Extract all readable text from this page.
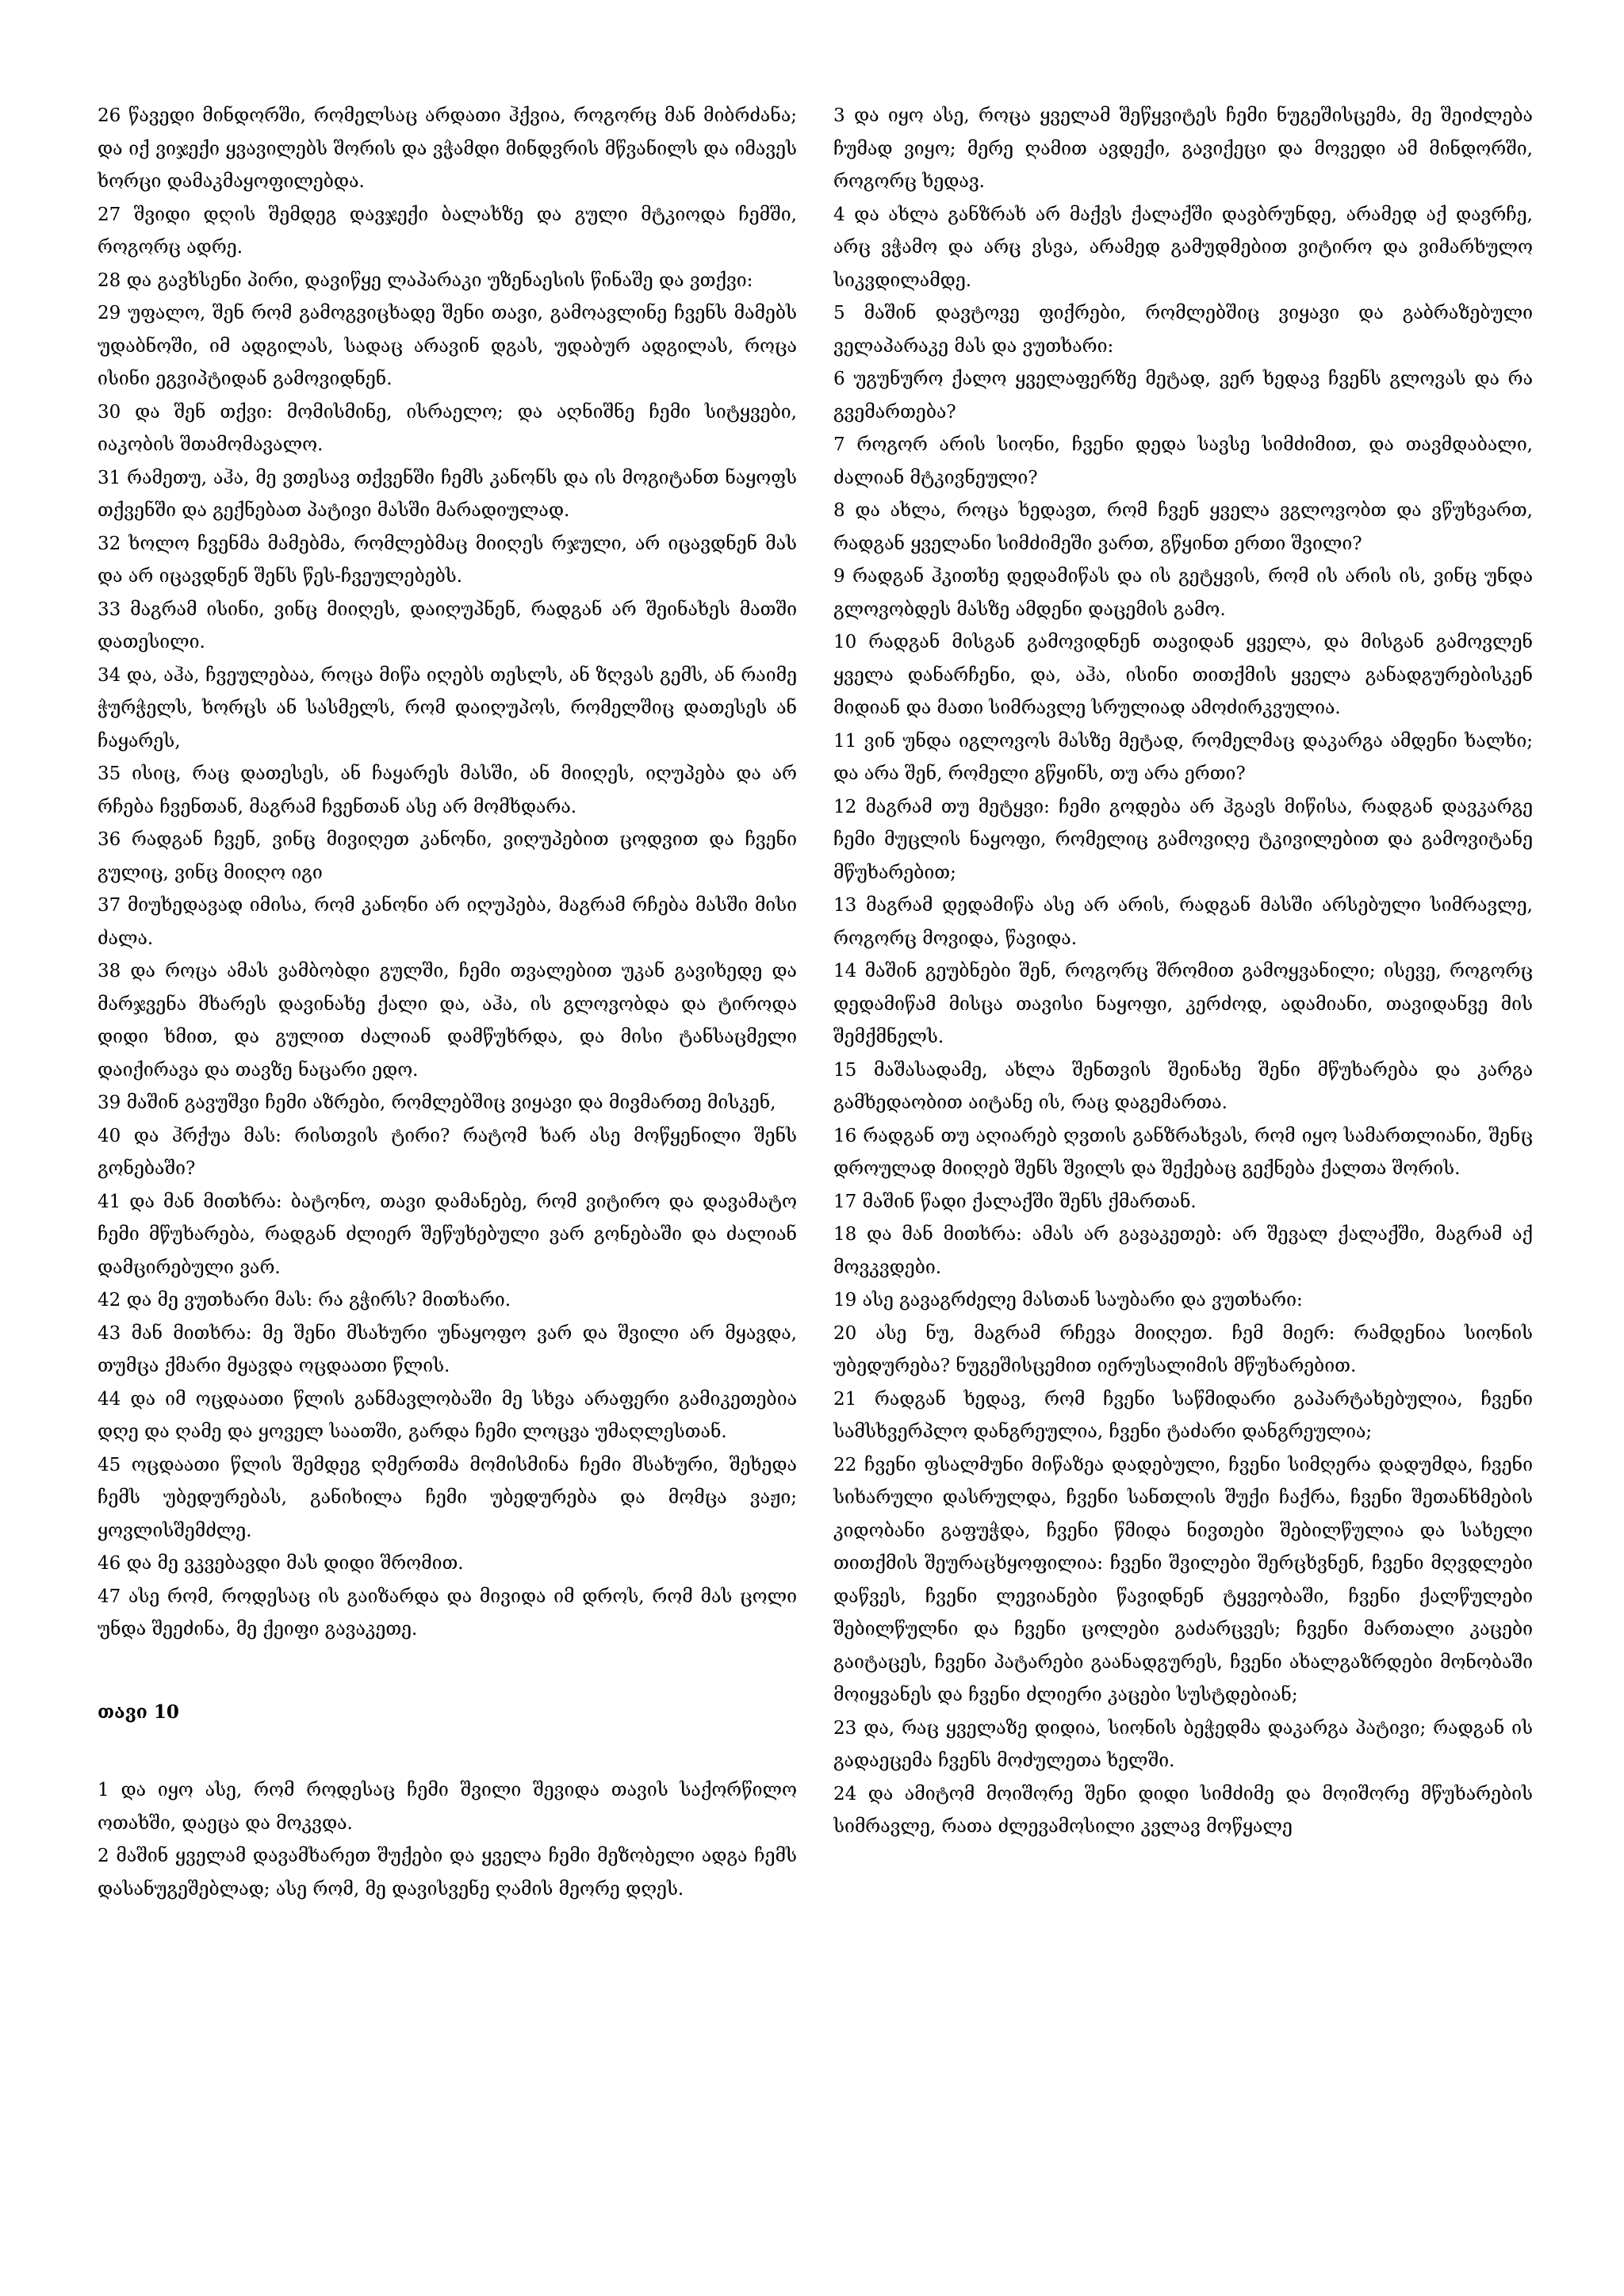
26 წავედი მინდორში, რომელსაც არდათი ჰქვია, როგორც მან მიბრძანა; და იქ ვიჯექი ყვავილებს შორის და ვჭამდი მინდვრის მწვანილს და იმავეს ხორცი დამაკმაყოფილებდა.

27 შვიდი დღის შემდეგ დავჯექი ბალახზე და გული მტკიოდა ჩემში, როგორც ადრე.

28 და გავხსენი პირი, დავიწყე ლაპარაკი უზენაესის წინაშე და ვთქვი:

29 უფალო, შენ რომ გამოგვიცხადე შენი თავი, გამოავლინე ჩვენს მამებს უდაბნოში, იმ ადგილას, სადაც არავინ დგას, უდაბურ ადგილას, როცა ისინი ეგვიპტიდან გამოვიდნენ.

30 და შენ თქვი: მომისმინე, ისრაელო; და აღნიშნე ჩემი სიტყვები, იაკობის შთამომავალო.

31 რამეთუ, აჰა, მე ვთესავ თქვენში ჩემს კანონს და ის მოგიტანთ ნაყოფს თქვენში და გექნებათ პატივი მასში მარადიულად.

32 ხოლო ჩვენმა მამებმა, რომლებმაც მიიღეს რჯული, არ იცავდნენ მას და არ იცავდნენ შენს წეს-ჩვეულებებს.

33 მაგრამ ისინი, ვინც მიიღეს, დაიღუპნენ, რადგან არ შეინახეს მათში დათესილი.

34 და, აჰა, ჩვეულებაა, როცა მიწა იღებს თესლს, ან ზღვას გემს, ან რაიმე ჭურჭელს, ხორცს ან სასმელს, რომ დაიღუპოს, რომელშიც დათესეს ან ჩაყარეს,

35 ისიც, რაც დათესეს, ან ჩაყარეს მასში, ან მიიღეს, იღუპება და არ რჩება ჩვენთან, მაგრამ ჩვენთან ასე არ მომხდარა.

36 რადგან ჩვენ, ვინც მივიღეთ კანონი, ვიღუპებით ცოდვით და ჩვენი გულიც, ვინც მიიღო იგი

37 მიუხედავად იმისა, რომ კანონი არ იღუპება, მაგრამ რჩება მასში მისი ძალა.

38 და როცა ამას ვამბობდი გულში, ჩემი თვალებით უკან გავიხედე და მარჯვენა მხარეს დავინახე ქალი და, აჰა, ის გლოვობდა და ტიროდა დიდი ხმით, და გულით ძალიან დამწუხრდა, და მისი ტანსაცმელი დაიქირავა და თავზე ნაცარი ედო.

39 მაშინ გავუშვი ჩემი აზრები, რომლებშიც ვიყავი და მივმართე მისკენ,

40 და ჰრქუა მას: რისთვის ტირი? რატომ ხარ ასე მოწყენილი შენს გონებაში?

41 და მან მითხრა: ბატონო, თავი დამანებე, რომ ვიტირო და დავამატო ჩემი მწუხარება, რადგან ძლიერ შეწუხებული ვარ გონებაში და ძალიან დამცირებული ვარ.

42 და მე ვუთხარი მას: რა გჭირს? მითხარი.

43 მან მითხრა: მე შენი მსახური უნაყოფო ვარ და შვილი არ მყავდა, თუმცა ქმარი მყავდა ოცდაათი წლის.

44 და იმ ოცდაათი წლის განმავლობაში მე სხვა არაფერი გამიკეთებია დღე და ღამე და ყოველ საათში, გარდა ჩემი ლოცვა უმაღლესთან.

45 ოცდაათი წლის შემდეგ ღმერთმა მომისმინა ჩემი მსახური, შეხედა ჩემს უბედურებას, განიხილა ჩემი უბედურება და მომცა ვაჟი; ყოვლისშემძლე.

46 და მე ვკვებავდი მას დიდი შრომით.

47 ასე რომ, როდესაც ის გაიზარდა და მივიდა იმ დროს, რომ მას ცოლი უნდა შეეძინა, მე ქეიფი გავაკეთე.

თავი 10

1 და იყო ასე, რომ როდესაც ჩემი შვილი შევიდა თავის საქორწილო ოთახში, დაეცა და მოკვდა.

2 მაშინ ყველამ დავამხარეთ შუქები და ყველა ჩემი მეზობელი ადგა ჩემს დასანუგეშებლად; ასე რომ, მე დავისვენე ღამის მეორე დღეს.

3 და იყო ასე, როცა ყველამ შეწყვიტეს ჩემი ნუგეშისცემა, მე შეიძლება ჩუმად ვიყო; მერე ღამით ავდექი, გავიქეცი და მოვედი ამ მინდორში, როგორც ხედავ.

4 და ახლა განზრახ არ მაქვს ქალაქში დავბრუნდე, არამედ აქ დავრჩე, არც ვჭამო და არც ვსვა, არამედ გამუდმებით ვიტირო და ვიმარხულო სიკვდილამდე.

5 მაშინ დავტოვე ფიქრები, რომლებშიც ვიყავი და გაბრაზებული ველაპარაკე მას და ვუთხარი:

6 უგუნურო ქალო ყველაფერზე მეტად, ვერ ხედავ ჩვენს გლოვას და რა გვემართება?

7 როგორ არის სიონი, ჩვენი დედა სავსე სიმძიმით, და თავმდაბალი, ძალიან მტკივნეული?

8 და ახლა, როცა ხედავთ, რომ ჩვენ ყველა ვგლოვობთ და ვწუხვართ, რადგან ყველანი სიმძიმეში ვართ, გწყინთ ერთი შვილი?

9 რადგან ჰკითხე დედამიწას და ის გეტყვის, რომ ის არის ის, ვინც უნდა გლოვობდეს მასზე ამდენი დაცემის გამო.

10 რადგან მისგან გამოვიდნენ თავიდან ყველა, და მისგან გამოვლენ ყველა დანარჩენი, და, აჰა, ისინი თითქმის ყველა განადგურებისკენ მიდიან და მათი სიმრავლე სრულიად ამოძირკვულია.

11 ვინ უნდა იგლოვოს მასზე მეტად, რომელმაც დაკარგა ამდენი ხალხი; და არა შენ, რომელი გწყინს, თუ არა ერთი?

12 მაგრამ თუ მეტყვი: ჩემი გოდება არ ჰგავს მიწისა, რადგან დავკარგე ჩემი მუცლის ნაყოფი, რომელიც გამოვიღე ტკივილებით და გამოვიტანე მწუხარებით;

13 მაგრამ დედამიწა ასე არ არის, რადგან მასში არსებული სიმრავლე, როგორც მოვიდა, წავიდა.

14 მაშინ გეუბნები შენ, როგორც შრომით გამოყვანილი; ისევე, როგორც დედამიწამ მისცა თავისი ნაყოფი, კერძოდ, ადამიანი, თავიდანვე მის შემქმნელს.

15 მაშასადამე, ახლა შენთვის შეინახე შენი მწუხარება და კარგა გამხედაობით აიტანე ის, რაც დაგემართა.

16 რადგან თუ აღიარებ ღვთის განზრახვას, რომ იყო სამართლიანი, შენც დროულად მიიღებ შენს შვილს და შექებაც გექნება ქალთა შორის.

17 მაშინ წადი ქალაქში შენს ქმართან.

18 და მან მითხრა: ამას არ გავაკეთებ: არ შევალ ქალაქში, მაგრამ აქ მოვკვდები.

19 ასე გავაგრძელე მასთან საუბარი და ვუთხარი:

20 ასე ნუ, მაგრამ რჩევა მიიღეთ. ჩემ მიერ: რამდენია სიონის უბედურება? ნუგეშისცემით იერუსალიმის მწუხარებით.

21 რადგან ხედავ, რომ ჩვენი საწმიდარი გაპარტახებულია, ჩვენი სამსხვერპლო დანგრეულია, ჩვენი ტაძარი დანგრეულია;

22 ჩვენი ფსალმუნი მიწაზეა დადებული, ჩვენი სიმღერა დადუმდა, ჩვენი სიხარული დასრულდა, ჩვენი სანთლის შუქი ჩაქრა, ჩვენი შეთანხმების კიდობანი გაფუჭდა, ჩვენი წმიდა ნივთები შებილწულია და სახელი თითქმის შეურაცხყოფილია: ჩვენი შვილები შერცხვნენ, ჩვენი მღვდლები დაწვეს, ჩვენი ლევიანები წავიდნენ ტყვეობაში, ჩვენი ქალწულები შებილწულნი და ჩვენი ცოლები გაძარცვეს; ჩვენი მართალი კაცები გაიტაცეს, ჩვენი პატარები გაანადგურეს, ჩვენი ახალგაზრდები მონობაში მოიყვანეს და ჩვენი ძლიერი კაცები სუსტდებიან;

23 და, რაც ყველაზე დიდია, სიონის ბეჭედმა დაკარგა პატივი; რადგან ის გადაეცემა ჩვენს მოძულეთა ხელში.

24 და ამიტომ მოიშორე შენი დიდი სიმძიმე და მოიშორე მწუხარების სიმრავლე, რათა ძლევამოსილი კვლავ მოწყალე
